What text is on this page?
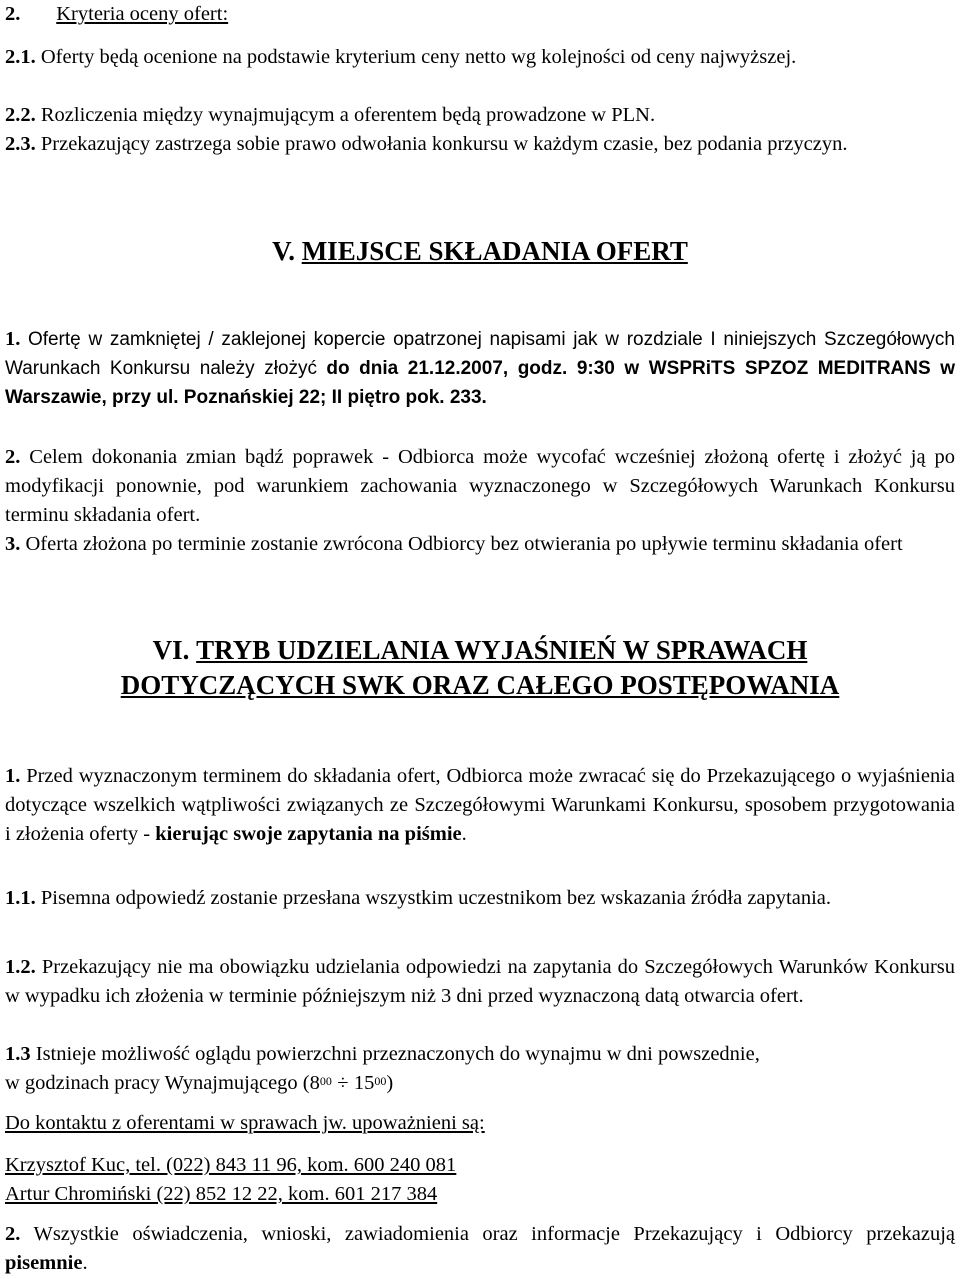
2. Kryteria oceny ofert:

2.1. Oferty będą ocenione na podstawie kryterium ceny netto wg kolejności od ceny najwyższej.

2.2. Rozliczenia między wynajmującym a oferentem będą prowadzone w PLN.

2.3. Przekazujący zastrzega sobie prawo odwołania konkursu w każdym czasie, bez podania przyczyn.

V. MIEJSCE SKŁADANIA OFERT

1. Ofertę w zamkniętej / zaklejonej kopercie opatrzonej napisami jak w rozdziale I niniejszych Szczegółowych Warunkach Konkursu należy złożyć do dnia 21.12.2007, godz. 9:30 w WSPRiTS SPZOZ MEDITRANS w Warszawie, przy ul. Poznańskiej 22; II piętro pok. 233.

2. Celem dokonania zmian bądź poprawek - Odbiorca może wycofać wcześniej złożoną ofertę i złożyć ją po modyfikacji ponownie, pod warunkiem zachowania wyznaczonego w Szczegółowych Warunkach Konkursu terminu składania ofert.

3. Oferta złożona po terminie zostanie zwrócona Odbiorcy bez otwierania po upływie terminu składania ofert

VI. TRYB UDZIELANIA WYJAŚNIEŃ W SPRAWACH

DOTYCZĄCYCH SWK ORAZ CAŁEGO POSTĘPOWANIA

1. Przed wyznaczonym terminem do składania ofert, Odbiorca może zwracać się do Przekazującego o wyjaśnienia dotyczące wszelkich wątpliwości związanych ze Szczegółowymi Warunkami Konkursu, sposobem przygotowania i złożenia oferty - kierując swoje zapytania na piśmie.

1.1. Pisemna odpowiedź zostanie przesłana wszystkim uczestnikom bez wskazania źródła zapytania.

1.2. Przekazujący nie ma obowiązku udzielania odpowiedzi na zapytania do Szczegółowych Warunków Konkursu w wypadku ich złożenia w terminie późniejszym niż 3 dni przed wyznaczoną datą otwarcia ofert.

1.3 Istnieje możliwość oglądu powierzchni przeznaczonych do wynajmu w dni powszednie,

w godzinach pracy Wynajmującego $(8^{00} \div 15^{00})$

Do kontaktu z oferentami w sprawach jw. upoważnieni są:

Krzysztof Kuc, tel. (022) 843 11 96, kom. 600 240 081

Artur Chromiński (22) 852 12 22, kom. 601 217 384

2. Wszystkie oświadczenia, wnioski, zawiadomienia oraz informacje Przekazujący i Odbiorcy przekazują pisemnie.
